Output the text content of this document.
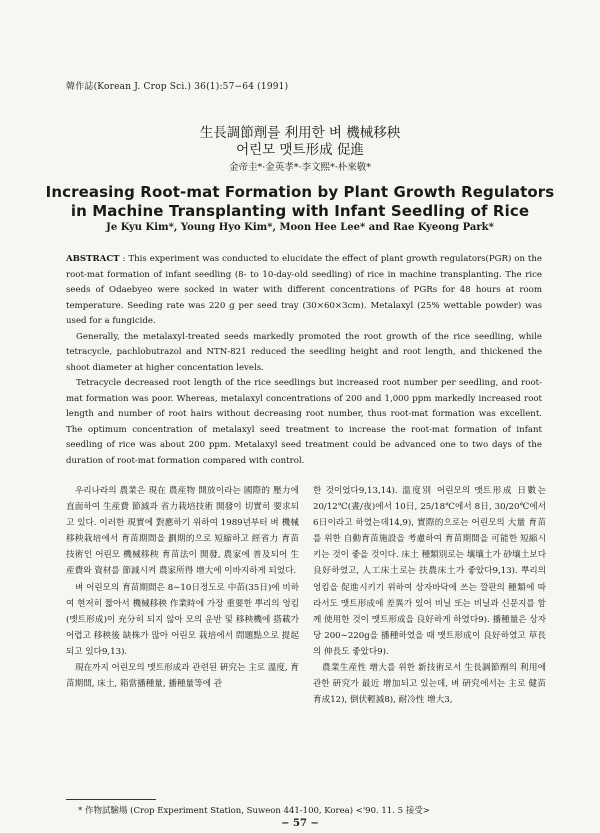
韓作誌(Korean J. Crop Sci.) 36(1):57−64 (1991)
生長調節劑를 利用한 벼 機械移秧
어린모 맷트形成 促進
金帝圭*·金英孝*·李文熙*·朴來敬*
Increasing Root-mat Formation by Plant Growth Regulators
in Machine Transplanting with Infant Seedling of Rice
Je Kyu Kim*, Young Hyo Kim*, Moon Hee Lee* and Rae Kyeong Park*

ABSTRACT : This experiment was conducted to elucidate the effect of plant growth regulators(PGR) on the root-mat formation of infant seedling (8- to 10-day-old seedling) of rice in machine transplanting. The rice seeds of Odaebyeo were socked in water with different concentrations of PGRs for 48 hours at room temperature. Seeding rate was 220 g per seed tray (30×60×3cm). Metalaxyl (25% wettable powder) was used for a fungicide.

Generally, the metalaxyl-treated seeds markedly promoted the root growth of the rice seedling, while tetracycle, pachlobutrazol and NTN-821 reduced the seedling height and root length, and thickened the shoot diameter at higher concentation levels.

Tetracycle decreased root length of the rice seedlings but increased root number per seedling, and root-mat formation was poor. Whereas, metalaxyl concentrations of 200 and 1,000 ppm markedly increased root length and number of root hairs without decreasing root number, thus root-mat formation was excellent. The optimum concentration of metalaxyl seed treatment to increase the root-mat formation of infant seedling of rice was about 200 ppm. Metalaxyl seed treatment could be advanced one to two days of the duration of root-mat formation compared with control.

우리나라의 農業은 現在 農産物 開放이라는 國際的 壓力에 直面하여 生産費 節減과 省力栽培技術 開發이 切實히 要求되고 있다. 이러한 現實에 對應하기 위하여 1989년부터 벼 機械移秧栽培에서 育苗期間을 劃期的으로 短縮하고 經省力 育苗技術인 어린모 機械移秧 育苗法이 開發, 農家에 普及되어 生産費와 資材를 節減시켜 農家所得 增大에 이바지하게 되었다.

벼 어린모의 育苗期間은 8∼10日정도로 中苗(35日)에 비하여 현저히 짧아서 機械移秧 作業時에 가장 重要한 뿌리의 엉킴(맷트形成)이 充分히 되지 않아 모의 운반 및 移秧機에 搭載가 어렵고 移秧後 缺株가 많아 어린모 栽培에서 問題點으로 提起되고 있다9,13).

現在까지 어린모의 맷트形成과 관련된 硏究는 主로 溫度, 育苗期間, 床土, 箱當播種量, 播種量等에 관

한 것이었다9,13,14). 溫度別 어린모의 맷트形成 日數는 20/12℃(晝/夜)에서 10日, 25/18℃에서 8日, 30/20℃에서 6日이라고 하였는데14,9), 實際的으로는 어린모의 大量 育苗를 위한 自動育苗施設을 考慮하여 育苗期間을 可能한 短縮시키는 것이 좋을 것이다. 床土 種類別로는 壤壤土가 砂壤土보다 良好하였고, 人工床土로는 扶農床土가 좋았다9,13). 뿌리의 엉킴을 促進시키기 위하여 상자바닥에 쓰는 깔판의 種類에 따라서도 맷트形成에 差異가 있어 비닐 또는 비닐과 신문지를 함께 使用한 것이 맷트形成을 良好하게 하였다9). 播種量은 상자당 200∼220g을 播種하였을 때 맷트形成이 良好하였고 草長의 伸長도 좋았다9).

農業生産性 增大를 위한 新技術로서 生長調節劑의 利用에 관한 硏究가 最近 增加되고 있는데, 벼 硏究에서는 主로 健苗育成12), 倒伏輕減8), 耐冷性 增大3,

* 作物試驗場 (Crop Experiment Station, Suweon 441-100, Korea) <'90. 11. 5 接受>
− 57 −
